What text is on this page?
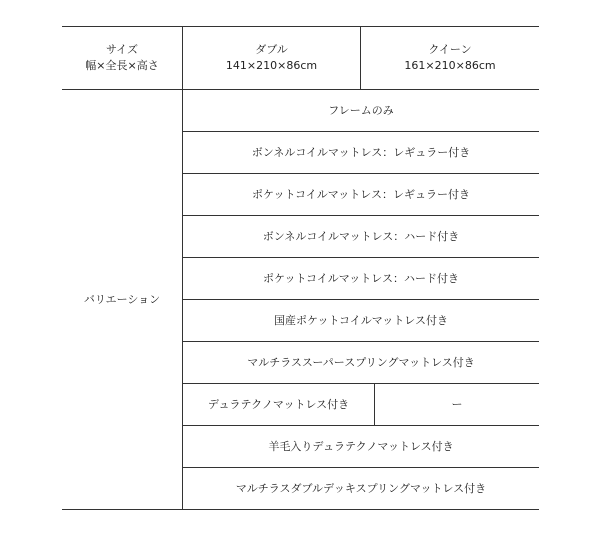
サイズ
幅×全長×高さ
ダブル
141×210×86cm
クイーン
161×210×86cm
バリエーション
フレームのみ
ボンネルコイルマットレス：レギュラー付き
ポケットコイルマットレス：レギュラー付き
ボンネルコイルマットレス：ハード付き
ポケットコイルマットレス：ハード付き
国産ポケットコイルマットレス付き
マルチラススーパースプリングマットレス付き
デュラテクノマットレス付き	ー
羊毛入りデュラテクノマットレス付き
マルチラスダブルデッキスプリングマットレス付き
